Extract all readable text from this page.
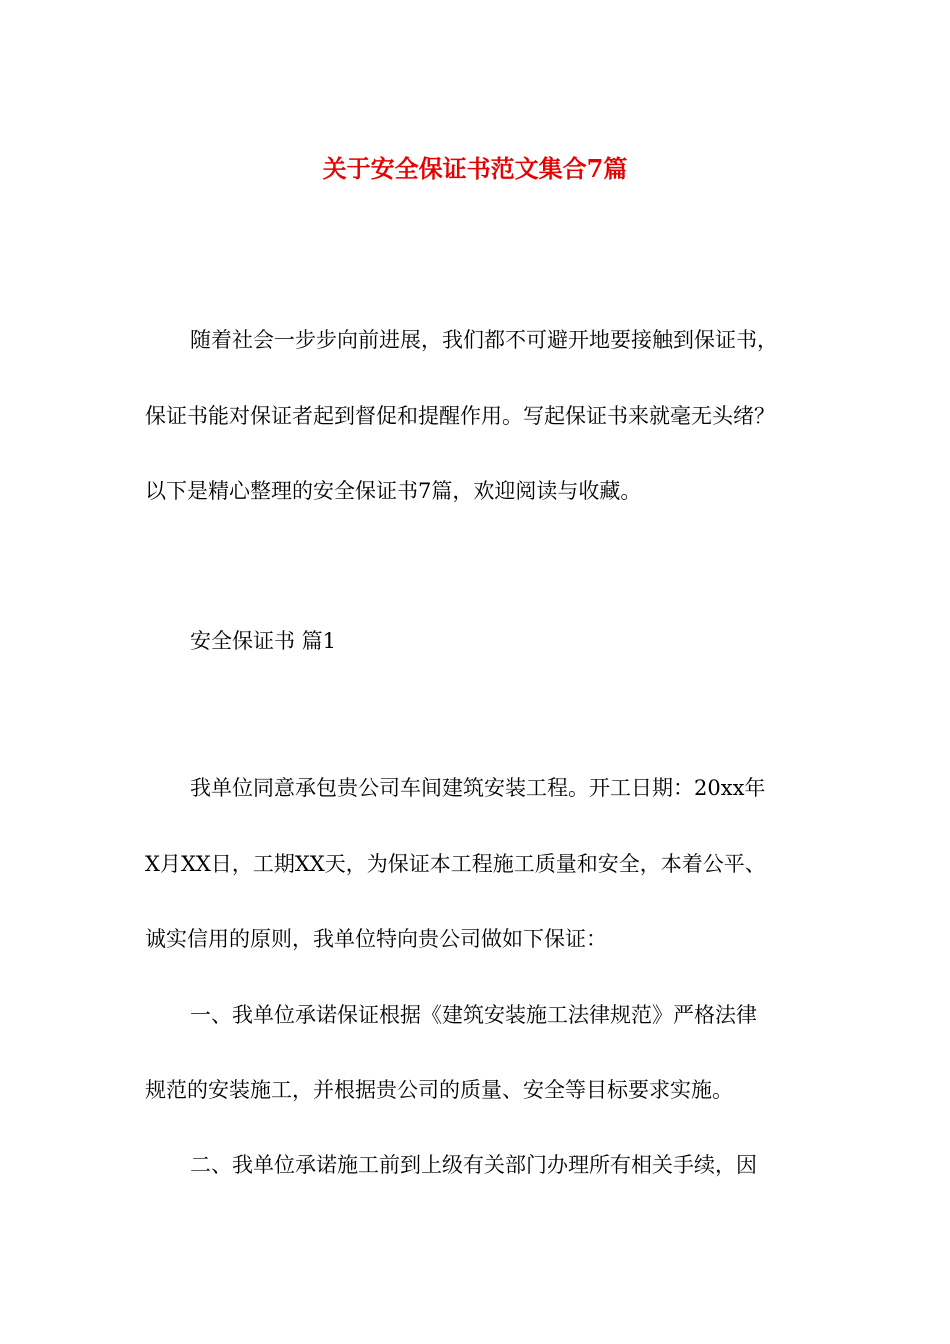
关于安全保证书范文集合7篇

随着社会一步步向前进展，我们都不可避开地要接触到保证书，

保证书能对保证者起到督促和提醒作用。写起保证书来就毫无头绪？

以下是精心整理的安全保证书7篇，欢迎阅读与收藏。

安全保证书 篇1

我单位同意承包贵公司车间建筑安装工程。开工日期：20xx年

X月XX日，工期XX天，为保证本工程施工质量和安全，本着公平、

诚实信用的原则，我单位特向贵公司做如下保证：

一、我单位承诺保证根据《建筑安装施工法律规范》严格法律

规范的安装施工，并根据贵公司的质量、安全等目标要求实施。

二、我单位承诺施工前到上级有关部门办理所有相关手续，因
